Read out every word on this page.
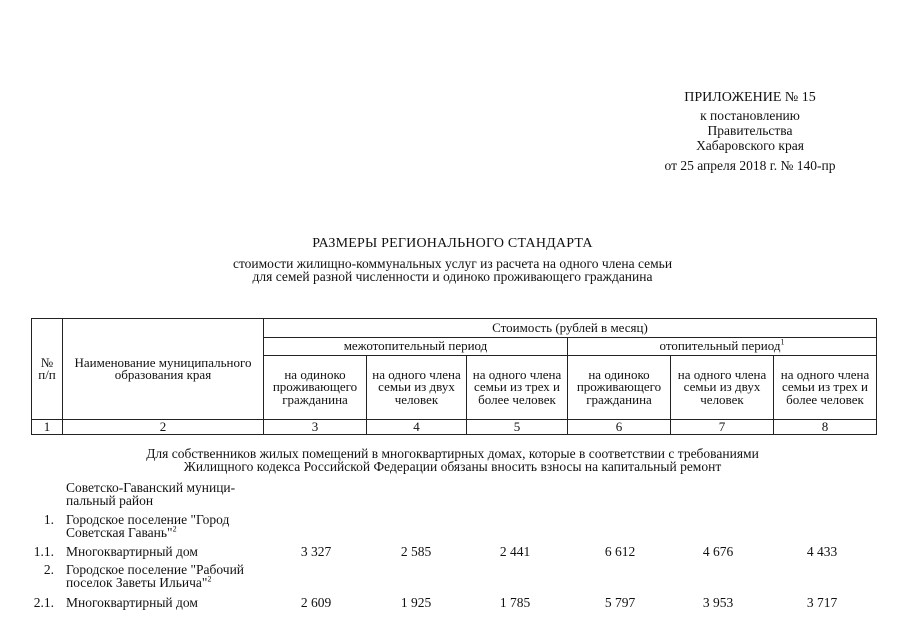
ПРИЛОЖЕНИЕ № 15
к постановлению
Правительства
Хабаровского края
от 25 апреля 2018 г. № 140-пр
РАЗМЕРЫ РЕГИОНАЛЬНОГО СТАНДАРТА
стоимости жилищно-коммунальных услуг из расчета на одного члена семьи
для семей разной численности и одиноко проживающего гражданина
№ п/п	Наименование муниципального образования края	Стоимость (рублей в месяц)					
		межотопительный период			отопительный период$^1$
		на одиноко проживающего гражданина	на одного члена семьи из двух человек	на одного члена семьи из трех и более человек	на одиноко проживающего гражданина	на одного члена семьи из двух человек	на одного члена семьи из трех и более человек
1	2	3	4	5	6	7	8
Для собственников жилых помещений в многоквартирных домах, которые в соответствии с требованиями
Жилищного кодекса Российской Федерации обязаны вносить взносы на капитальный ремонт
Советско-Гаванский муници-
пальный район
1. Городское поселение "Город
Советская Гавань"$^2$
1.1. Многоквартирный дом	3 327	2 585	2 441	6 612	4 676	4 433
2. Городское поселение "Рабочий
поселок Заветы Ильича"$^2$
2.1. Многоквартирный дом	2 609	1 925	1 785	5 797	3 953	3 717
